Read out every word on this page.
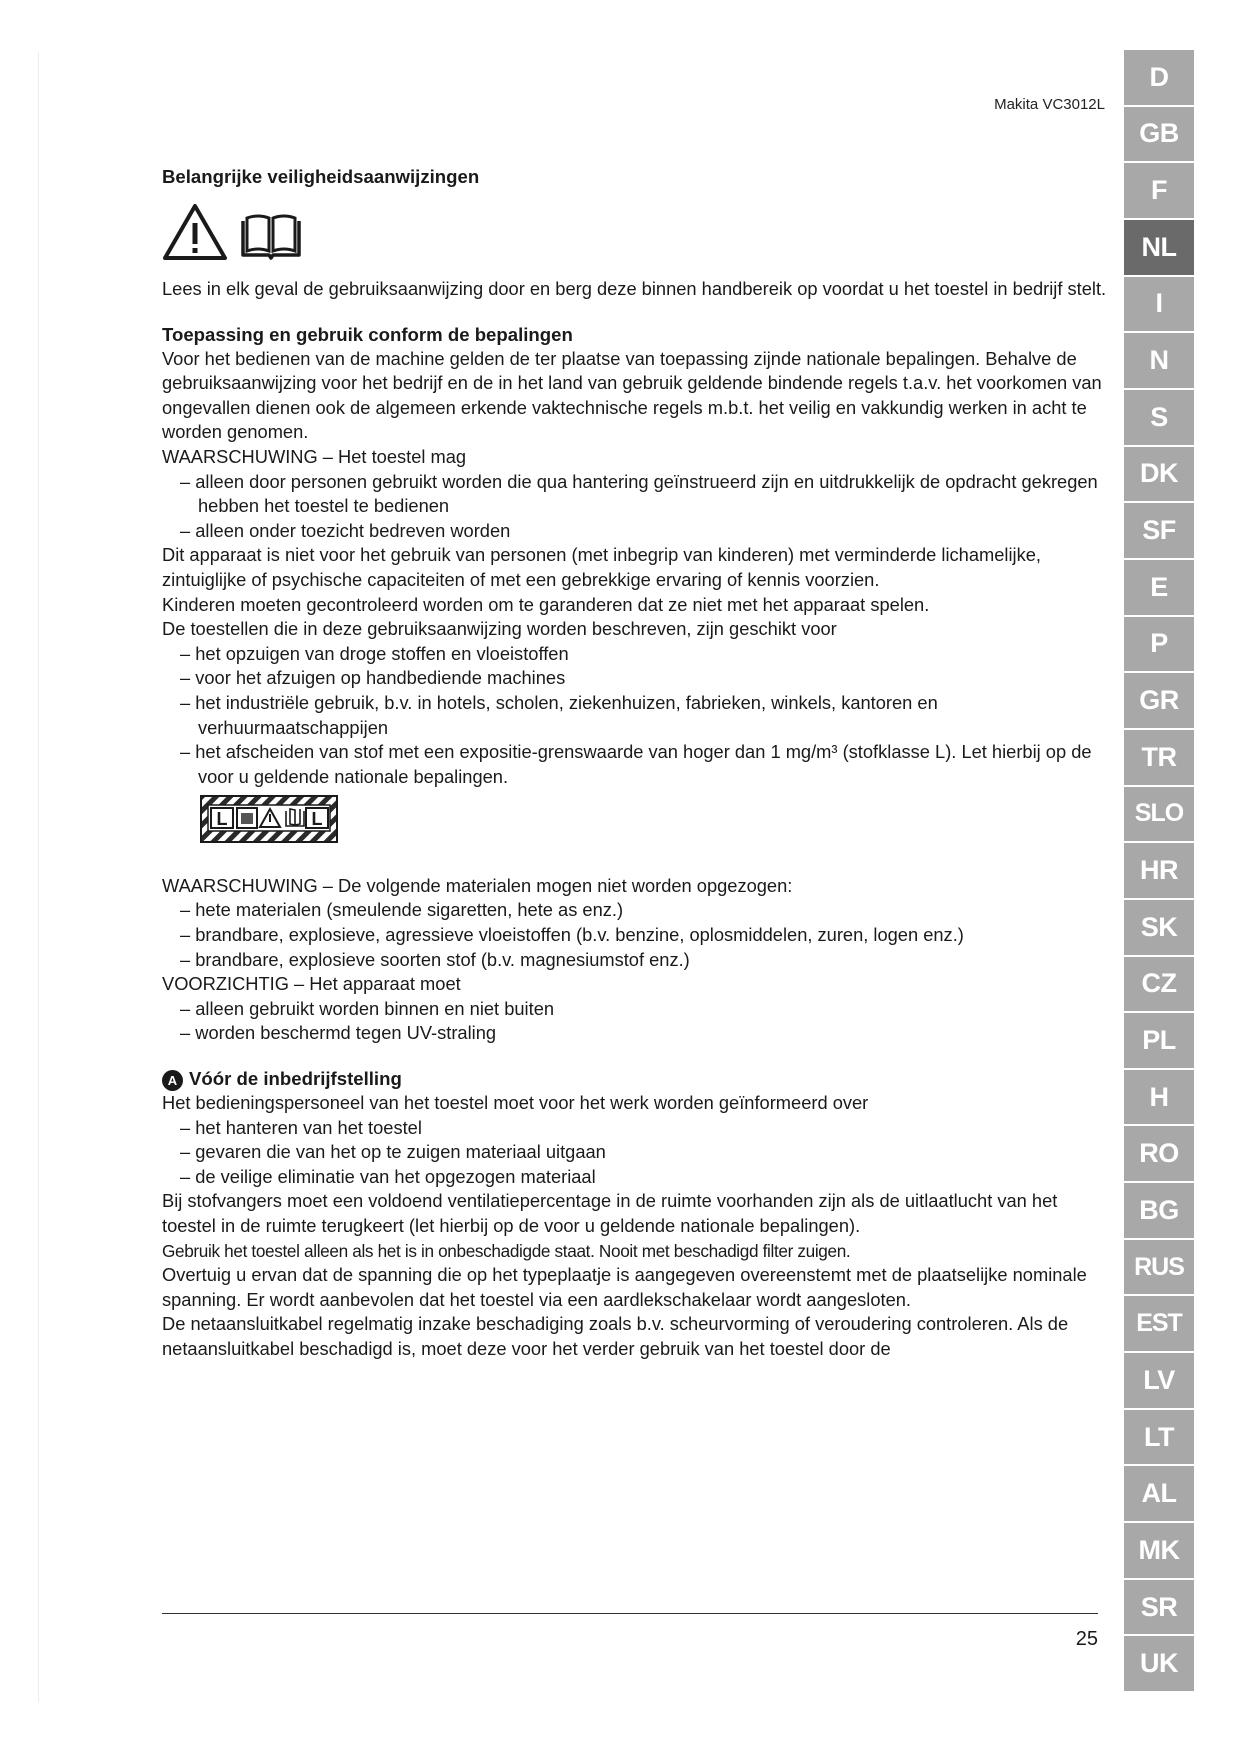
Makita VC3012L
Belangrijke veiligheidsaanwijzingen

Lees in elk geval de gebruiksaanwijzing door en berg deze binnen handbereik op voordat u het toestel in bedrijf stelt.

Toepassing en gebruik conform de bepalingen

Voor het bedienen van de machine gelden de ter plaatse van toepassing zijnde nationale bepalingen. Behalve de gebruiksaanwijzing voor het bedrijf en de in het land van gebruik geldende bindende regels t.a.v. het voorkomen van ongevallen dienen ook de algemeen erkende vaktechnische regels m.b.t. het veilig en vakkundig werken in acht te worden genomen.

WAARSCHUWING – Het toestel mag

– alleen door personen gebruikt worden die qua hantering geïnstrueerd zijn en uitdrukkelijk de opdracht gekregen hebben het toestel te bedienen

– alleen onder toezicht bedreven worden

Dit apparaat is niet voor het gebruik van personen (met inbegrip van kinderen) met verminderde lichamelijke, zintuiglijke of psychische capaciteiten of met een gebrekkige ervaring of kennis voorzien.

Kinderen moeten gecontroleerd worden om te garanderen dat ze niet met het apparaat spelen.

De toestellen die in deze gebruiksaanwijzing worden beschreven, zijn geschikt voor

– het opzuigen van droge stoffen en vloeistoffen

– voor het afzuigen op handbediende machines

– het industriële gebruik, b.v. in hotels, scholen, ziekenhuizen, fabrieken, winkels, kantoren en verhuurmaatschappijen

– het afscheiden van stof met een expositie-grenswaarde van hoger dan 1 mg/m³ (stofklasse L). Let hierbij op de voor u geldende nationale bepalingen.

L	L

WAARSCHUWING – De volgende materialen mogen niet worden opgezogen:

– hete materialen (smeulende sigaretten, hete as enz.)

– brandbare, explosieve, agressieve vloeistoffen (b.v. benzine, oplosmiddelen, zuren, logen enz.)

– brandbare, explosieve soorten stof (b.v. magnesiumstof enz.)

VOORZICHTIG – Het apparaat moet

– alleen gebruikt worden binnen en niet buiten

– worden beschermd tegen UV-straling

A Vóór de inbedrijfstelling

Het bedieningspersoneel van het toestel moet voor het werk worden geïnformeerd over

– het hanteren van het toestel

– gevaren die van het op te zuigen materiaal uitgaan

– de veilige eliminatie van het opgezogen materiaal

Bij stofvangers moet een voldoend ventilatiepercentage in de ruimte voorhanden zijn als de uitlaatlucht van het toestel in de ruimte terugkeert (let hierbij op de voor u geldende nationale bepalingen).

Gebruik het toestel alleen als het is in onbeschadigde staat. Nooit met beschadigd filter zuigen.

Overtuig u ervan dat de spanning die op het typeplaatje is aangegeven overeenstemt met de plaatselijke nominale spanning. Er wordt aanbevolen dat het toestel via een aardlekschakelaar wordt aangesloten.

De netaansluitkabel regelmatig inzake beschadiging zoals b.v. scheurvorming of veroudering controleren. Als de netaansluitkabel beschadigd is, moet deze voor het verder gebruik van het toestel door de

25
D
GB
F
NL
I
N
S
DK
SF
E
P
GR
TR
SLO
HR
SK
CZ
PL
H
RO
BG
RUS
EST
LV
LT
AL
MK
SR
UK
